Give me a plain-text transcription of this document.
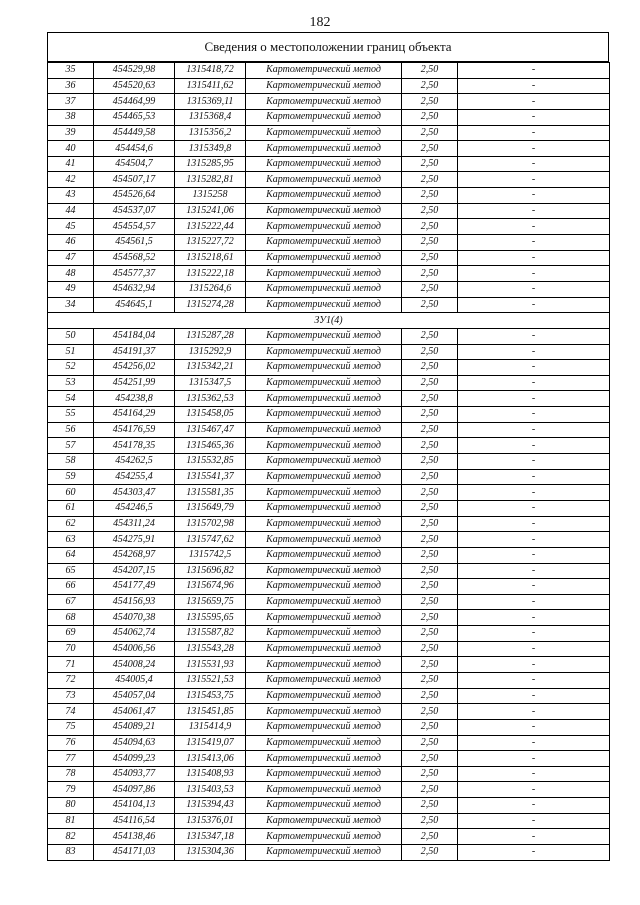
182
Сведения о местоположении границ объекта
35	454529,98	1315418,72	Картометрический метод	2,50	-
36	454520,63	1315411,62	Картометрический метод	2,50	-
37	454464,99	1315369,11	Картометрический метод	2,50	-
38	454465,53	1315368,4	Картометрический метод	2,50	-
39	454449,58	1315356,2	Картометрический метод	2,50	-
40	454454,6	1315349,8	Картометрический метод	2,50	-
41	454504,7	1315285,95	Картометрический метод	2,50	-
42	454507,17	1315282,81	Картометрический метод	2,50	-
43	454526,64	1315258	Картометрический метод	2,50	-
44	454537,07	1315241,06	Картометрический метод	2,50	-
45	454554,57	1315222,44	Картометрический метод	2,50	-
46	454561,5	1315227,72	Картометрический метод	2,50	-
47	454568,52	1315218,61	Картометрический метод	2,50	-
48	454577,37	1315222,18	Картометрический метод	2,50	-
49	454632,94	1315264,6	Картометрический метод	2,50	-
34	454645,1	1315274,28	Картометрический метод	2,50	-
ЗУ1(4)					
50	454184,04	1315287,28	Картометрический метод	2,50	-
51	454191,37	1315292,9	Картометрический метод	2,50	-
52	454256,02	1315342,21	Картометрический метод	2,50	-
53	454251,99	1315347,5	Картометрический метод	2,50	-
54	454238,8	1315362,53	Картометрический метод	2,50	-
55	454164,29	1315458,05	Картометрический метод	2,50	-
56	454176,59	1315467,47	Картометрический метод	2,50	-
57	454178,35	1315465,36	Картометрический метод	2,50	-
58	454262,5	1315532,85	Картометрический метод	2,50	-
59	454255,4	1315541,37	Картометрический метод	2,50	-
60	454303,47	1315581,35	Картометрический метод	2,50	-
61	454246,5	1315649,79	Картометрический метод	2,50	-
62	454311,24	1315702,98	Картометрический метод	2,50	-
63	454275,91	1315747,62	Картометрический метод	2,50	-
64	454268,97	1315742,5	Картометрический метод	2,50	-
65	454207,15	1315696,82	Картометрический метод	2,50	-
66	454177,49	1315674,96	Картометрический метод	2,50	-
67	454156,93	1315659,75	Картометрический метод	2,50	-
68	454070,38	1315595,65	Картометрический метод	2,50	-
69	454062,74	1315587,82	Картометрический метод	2,50	-
70	454006,56	1315543,28	Картометрический метод	2,50	-
71	454008,24	1315531,93	Картометрический метод	2,50	-
72	454005,4	1315521,53	Картометрический метод	2,50	-
73	454057,04	1315453,75	Картометрический метод	2,50	-
74	454061,47	1315451,85	Картометрический метод	2,50	-
75	454089,21	1315414,9	Картометрический метод	2,50	-
76	454094,63	1315419,07	Картометрический метод	2,50	-
77	454099,23	1315413,06	Картометрический метод	2,50	-
78	454093,77	1315408,93	Картометрический метод	2,50	-
79	454097,86	1315403,53	Картометрический метод	2,50	-
80	454104,13	1315394,43	Картометрический метод	2,50	-
81	454116,54	1315376,01	Картометрический метод	2,50	-
82	454138,46	1315347,18	Картометрический метод	2,50	-
83	454171,03	1315304,36	Картометрический метод	2,50	-
